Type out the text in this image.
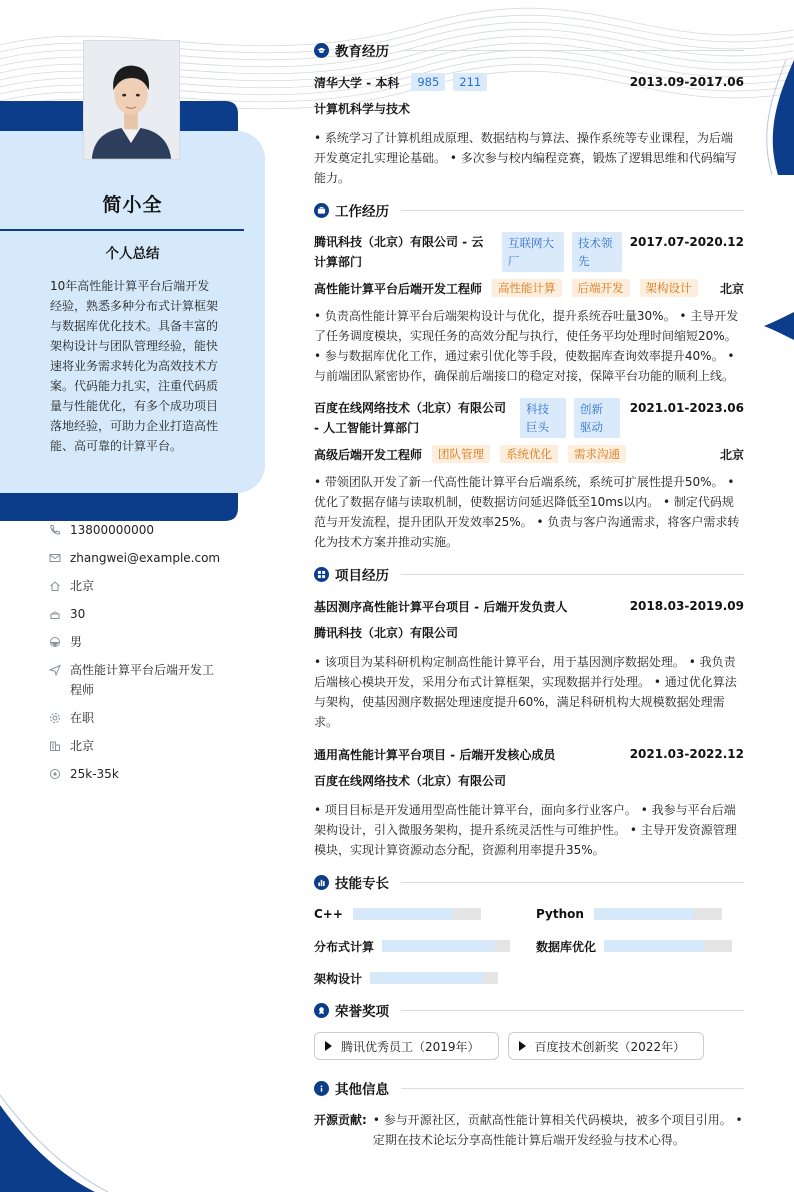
简小全
个人总结
10年高性能计算平台后端开发经验，熟悉多种分布式计算框架与数据库优化技术。具备丰富的架构设计与团队管理经验，能快速将业务需求转化为高效技术方案。代码能力扎实，注重代码质量与性能优化，有多个成功项目落地经验，可助力企业打造高性能、高可靠的计算平台。
13800000000
zhangwei@example.com
北京
30
男
高性能计算平台后端开发工程师
在职
北京
25k-35k
教育经历
清华大学 - 本科	985	211	2013.09-2017.06
计算机科学与技术
• 系统学习了计算机组成原理、数据结构与算法、操作系统等专业课程，为后端开发奠定扎实理论基础。 • 多次参与校内编程竞赛，锻炼了逻辑思维和代码编写能力。
工作经历
腾讯科技（北京）有限公司 - 云计算部门
互联网大厂
技术领先
2017.07-2020.12
高性能计算平台后端开发工程师	高性能计算	后端开发	架构设计	北京
• 负责高性能计算平台后端架构设计与优化，提升系统吞吐量30%。 • 主导开发了任务调度模块，实现任务的高效分配与执行，使任务平均处理时间缩短20%。 • 参与数据库优化工作，通过索引优化等手段，使数据库查询效率提升40%。 • 与前端团队紧密协作，确保前后端接口的稳定对接，保障平台功能的顺利上线。
百度在线网络技术（北京）有限公司 - 人工智能计算部门
科技巨头
创新驱动
2021.01-2023.06
高级后端开发工程师	团队管理	系统优化	需求沟通	北京
• 带领团队开发了新一代高性能计算平台后端系统，系统可扩展性提升50%。 • 优化了数据存储与读取机制，使数据访问延迟降低至10ms以内。 • 制定代码规范与开发流程，提升团队开发效率25%。 • 负责与客户沟通需求，将客户需求转化为技术方案并推动实施。
项目经历
基因测序高性能计算平台项目 - 后端开发负责人	2018.03-2019.09
腾讯科技（北京）有限公司
• 该项目为某科研机构定制高性能计算平台，用于基因测序数据处理。 • 我负责后端核心模块开发，采用分布式计算框架，实现数据并行处理。 • 通过优化算法与架构，使基因测序数据处理速度提升60%，满足科研机构大规模数据处理需求。
通用高性能计算平台项目 - 后端开发核心成员	2021.03-2022.12
百度在线网络技术（北京）有限公司
• 项目目标是开发通用型高性能计算平台，面向多行业客户。 • 我参与平台后端架构设计，引入微服务架构，提升系统灵活性与可维护性。 • 主导开发资源管理模块，实现计算资源动态分配，资源利用率提升35%。
技能专长
C++	Python
分布式计算	数据库优化
架构设计
荣誉奖项
腾讯优秀员工（2019年）	百度技术创新奖（2022年）
其他信息
开源贡献: • 参与开源社区，贡献高性能计算相关代码模块，被多个项目引用。 • 定期在技术论坛分享高性能计算后端开发经验与技术心得。
